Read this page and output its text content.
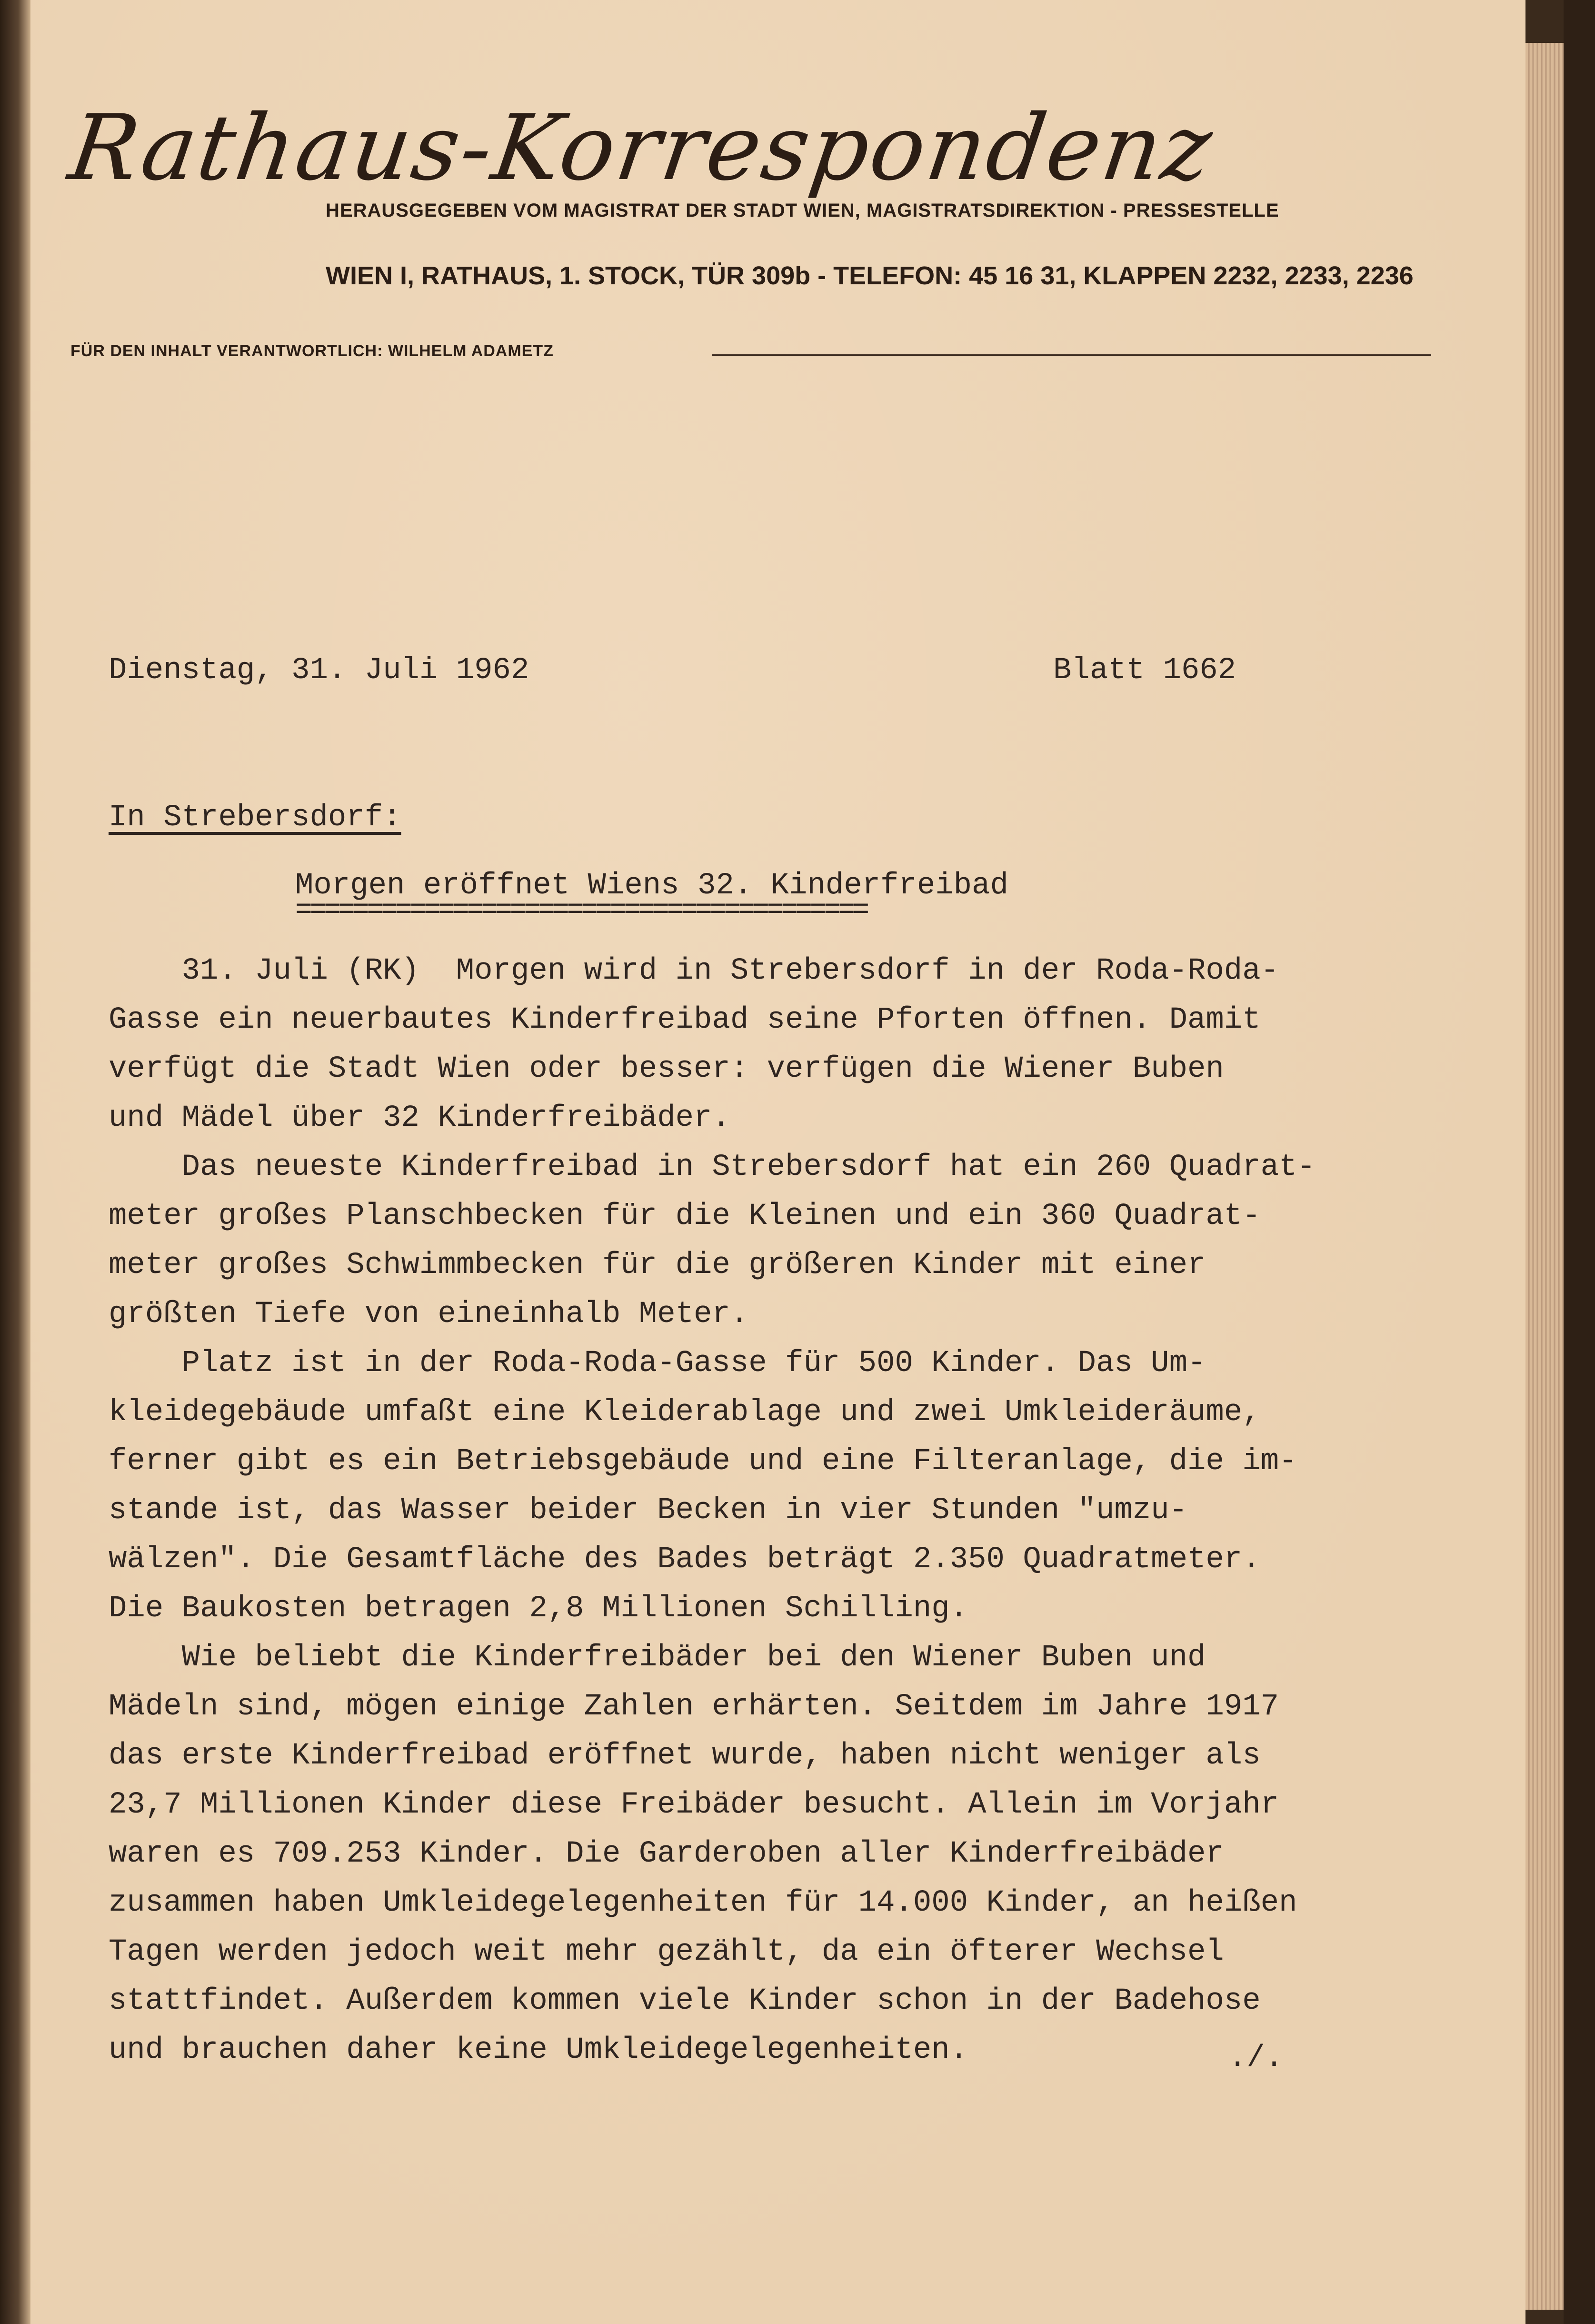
Rathaus-Korrespondenz
HERAUSGEGEBEN VOM MAGISTRAT DER STADT WIEN, MAGISTRATSDIREKTION - PRESSESTELLE
WIEN I, RATHAUS, 1. STOCK, TÜR 309b - TELEFON: 45 16 31, KLAPPEN 2232, 2233, 2236
FÜR DEN INHALT VERANTWORTLICH: WILHELM ADAMETZ
Dienstag, 31. Juli 1962	Blatt 1662
In Strebersdorf:
Morgen eröffnet Wiens 32. Kinderfreibad
========================================
31. Juli (RK)  Morgen wird in Strebersdorf in der Roda-Roda-
Gasse ein neuerbautes Kinderfreibad seine Pforten öffnen. Damit
verfügt die Stadt Wien oder besser: verfügen die Wiener Buben
und Mädel über 32 Kinderfreibäder.
Das neueste Kinderfreibad in Strebersdorf hat ein 260 Quadrat-
meter großes Planschbecken für die Kleinen und ein 360 Quadrat-
meter großes Schwimmbecken für die größeren Kinder mit einer
größten Tiefe von eineinhalb Meter.
Platz ist in der Roda-Roda-Gasse für 500 Kinder. Das Um-
kleidegebäude umfaßt eine Kleiderablage und zwei Umkleideräume,
ferner gibt es ein Betriebsgebäude und eine Filteranlage, die im-
stande ist, das Wasser beider Becken in vier Stunden "umzu-
wälzen". Die Gesamtfläche des Bades beträgt 2.350 Quadratmeter.
Die Baukosten betragen 2,8 Millionen Schilling.
Wie beliebt die Kinderfreibäder bei den Wiener Buben und
Mädeln sind, mögen einige Zahlen erhärten. Seitdem im Jahre 1917
das erste Kinderfreibad eröffnet wurde, haben nicht weniger als
23,7 Millionen Kinder diese Freibäder besucht. Allein im Vorjahr
waren es 709.253 Kinder. Die Garderoben aller Kinderfreibäder
zusammen haben Umkleidegelegenheiten für 14.000 Kinder, an heißen
Tagen werden jedoch weit mehr gezählt, da ein öfterer Wechsel
stattfindet. Außerdem kommen viele Kinder schon in der Badehose
und brauchen daher keine Umkleidegelegenheiten.	./.
